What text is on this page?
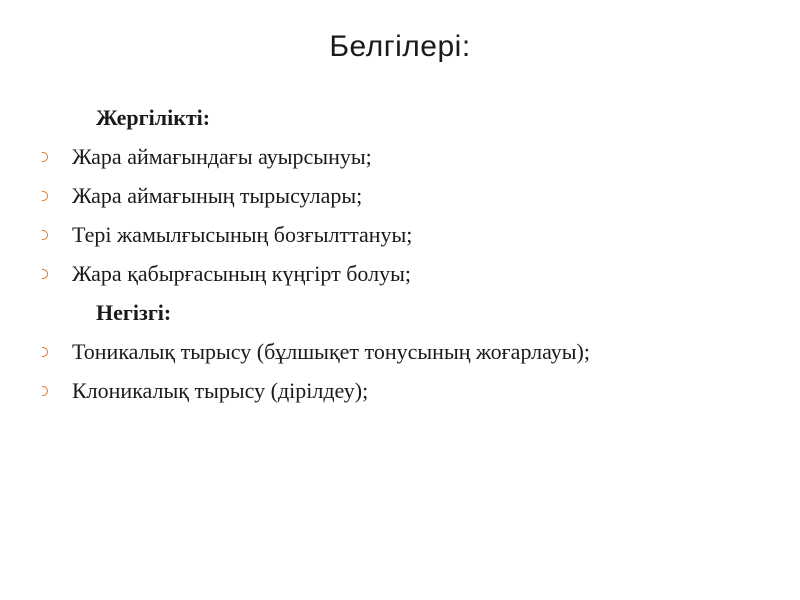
Белгілері:
Жергілікті:
Жара аймағындағы ауырсынуы;
Жара аймағының тырысулары;
Тері жамылғысының бозғылттануы;
Жара қабырғасының күңгірт болуы;
Негізгі:
Тоникалық тырысу (бұлшықет тонусының жоғарлауы);
Клоникалық тырысу (дірілдеу);
